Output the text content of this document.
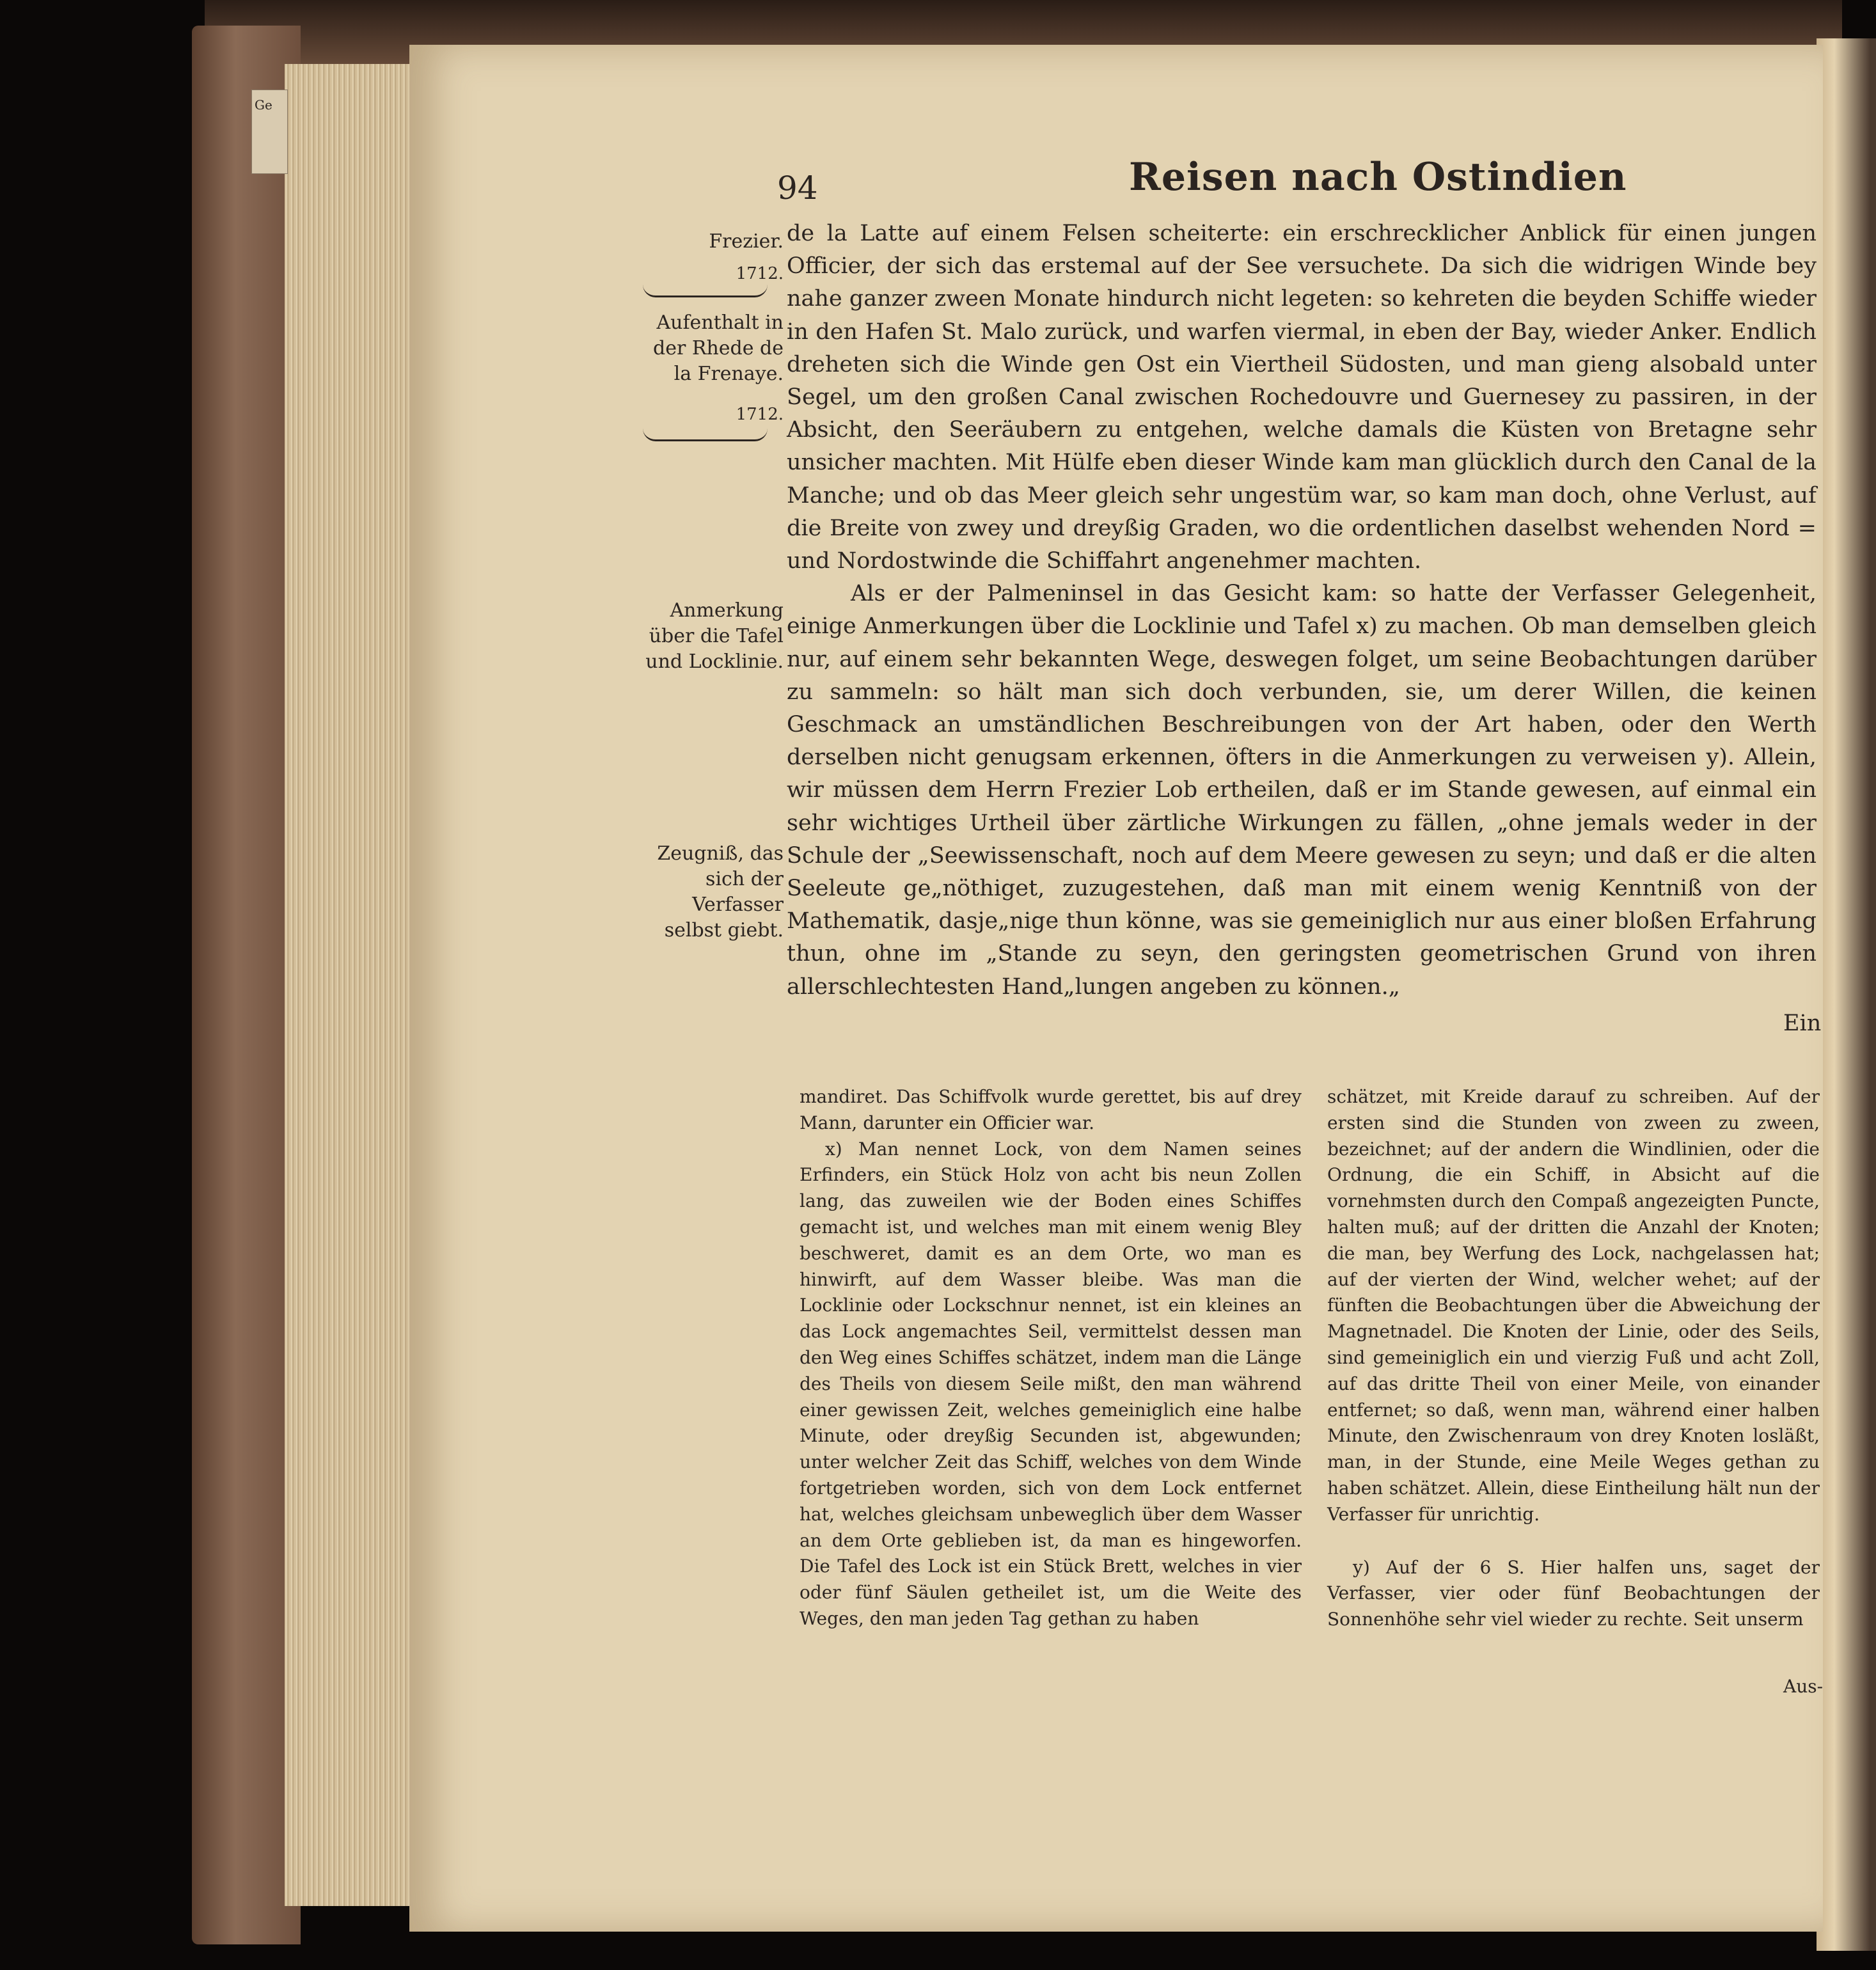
Ge
94	Reisen nach Ostindien
Frezier.
1712.
Aufenthalt in der Rhede de la Frenaye.
1712.
Anmerkung über die Tafel und Locklinie.
Zeugniß, das sich der Verfasser selbst giebt.

de la Latte auf einem Felsen scheiterte: ein erschrecklicher Anblick für einen jungen Officier, der sich das erstemal auf der See versuchete. Da sich die widrigen Winde bey nahe ganzer zween Monate hindurch nicht legeten: so kehreten die beyden Schiffe wieder in den Hafen St. Malo zurück, und warfen viermal, in eben der Bay, wieder Anker. Endlich dreheten sich die Winde gen Ost ein Viertheil Südosten, und man gieng alsobald unter Segel, um den großen Canal zwischen Rochedouvre und Guernesey zu passiren, in der Absicht, den Seeräubern zu entgehen, welche damals die Küsten von Bretagne sehr unsicher machten. Mit Hülfe eben dieser Winde kam man glücklich durch den Canal de la Manche; und ob das Meer gleich sehr ungestüm war, so kam man doch, ohne Verlust, auf die Breite von zwey und dreyßig Graden, wo die ordentlichen daselbst wehenden Nord = und Nordostwinde die Schiffahrt angenehmer machten.

Als er der Palmeninsel in das Gesicht kam: so hatte der Verfasser Gelegenheit, einige Anmerkungen über die Locklinie und Tafel x) zu machen. Ob man demselben gleich nur, auf einem sehr bekannten Wege, deswegen folget, um seine Beobachtungen darüber zu sammeln: so hält man sich doch verbunden, sie, um derer Willen, die keinen Geschmack an umständlichen Beschreibungen von der Art haben, oder den Werth derselben nicht genugsam erkennen, öfters in die Anmerkungen zu verweisen y). Allein, wir müssen dem Herrn Frezier Lob ertheilen, daß er im Stande gewesen, auf einmal ein sehr wichtiges Urtheil über zärtliche Wirkungen zu fällen, „ohne jemals weder in der Schule der „Seewissenschaft, noch auf dem Meere gewesen zu seyn; und daß er die alten Seeleute ge„nöthiget, zuzugestehen, daß man mit einem wenig Kenntniß von der Mathematik, dasje„nige thun könne, was sie gemeiniglich nur aus einer bloßen Erfahrung thun, ohne im „Stande zu seyn, den geringsten geometrischen Grund von ihren allerschlechtesten Hand„lungen angeben zu können.„

Ein

mandiret. Das Schiffvolk wurde gerettet, bis auf drey Mann, darunter ein Officier war.

x) Man nennet Lock, von dem Namen seines Erfinders, ein Stück Holz von acht bis neun Zollen lang, das zuweilen wie der Boden eines Schiffes gemacht ist, und welches man mit einem wenig Bley beschweret, damit es an dem Orte, wo man es hinwirft, auf dem Wasser bleibe. Was man die Locklinie oder Lockschnur nennet, ist ein kleines an das Lock angemachtes Seil, vermittelst dessen man den Weg eines Schiffes schätzet, indem man die Länge des Theils von diesem Seile mißt, den man während einer gewissen Zeit, welches gemeiniglich eine halbe Minute, oder dreyßig Secunden ist, abgewunden; unter welcher Zeit das Schiff, welches von dem Winde fortgetrieben worden, sich von dem Lock entfernet hat, welches gleichsam unbeweglich über dem Wasser an dem Orte geblieben ist, da man es hingeworfen. Die Tafel des Lock ist ein Stück Brett, welches in vier oder fünf Säulen getheilet ist, um die Weite des Weges, den man jeden Tag gethan zu haben

schätzet, mit Kreide darauf zu schreiben. Auf der ersten sind die Stunden von zween zu zween, bezeichnet; auf der andern die Windlinien, oder die Ordnung, die ein Schiff, in Absicht auf die vornehmsten durch den Compaß angezeigten Puncte, halten muß; auf der dritten die Anzahl der Knoten; die man, bey Werfung des Lock, nachgelassen hat; auf der vierten der Wind, welcher wehet; auf der fünften die Beobachtungen über die Abweichung der Magnetnadel. Die Knoten der Linie, oder des Seils, sind gemeiniglich ein und vierzig Fuß und acht Zoll, auf das dritte Theil von einer Meile, von einander entfernet; so daß, wenn man, während einer halben Minute, den Zwischenraum von drey Knoten losläßt, man, in der Stunde, eine Meile Weges gethan zu haben schätzet. Allein, diese Eintheilung hält nun der Verfasser für unrichtig.

y) Auf der 6 S. Hier halfen uns, saget der Verfasser, vier oder fünf Beobachtungen der Sonnenhöhe sehr viel wieder zu rechte. Seit unserm

Aus-
